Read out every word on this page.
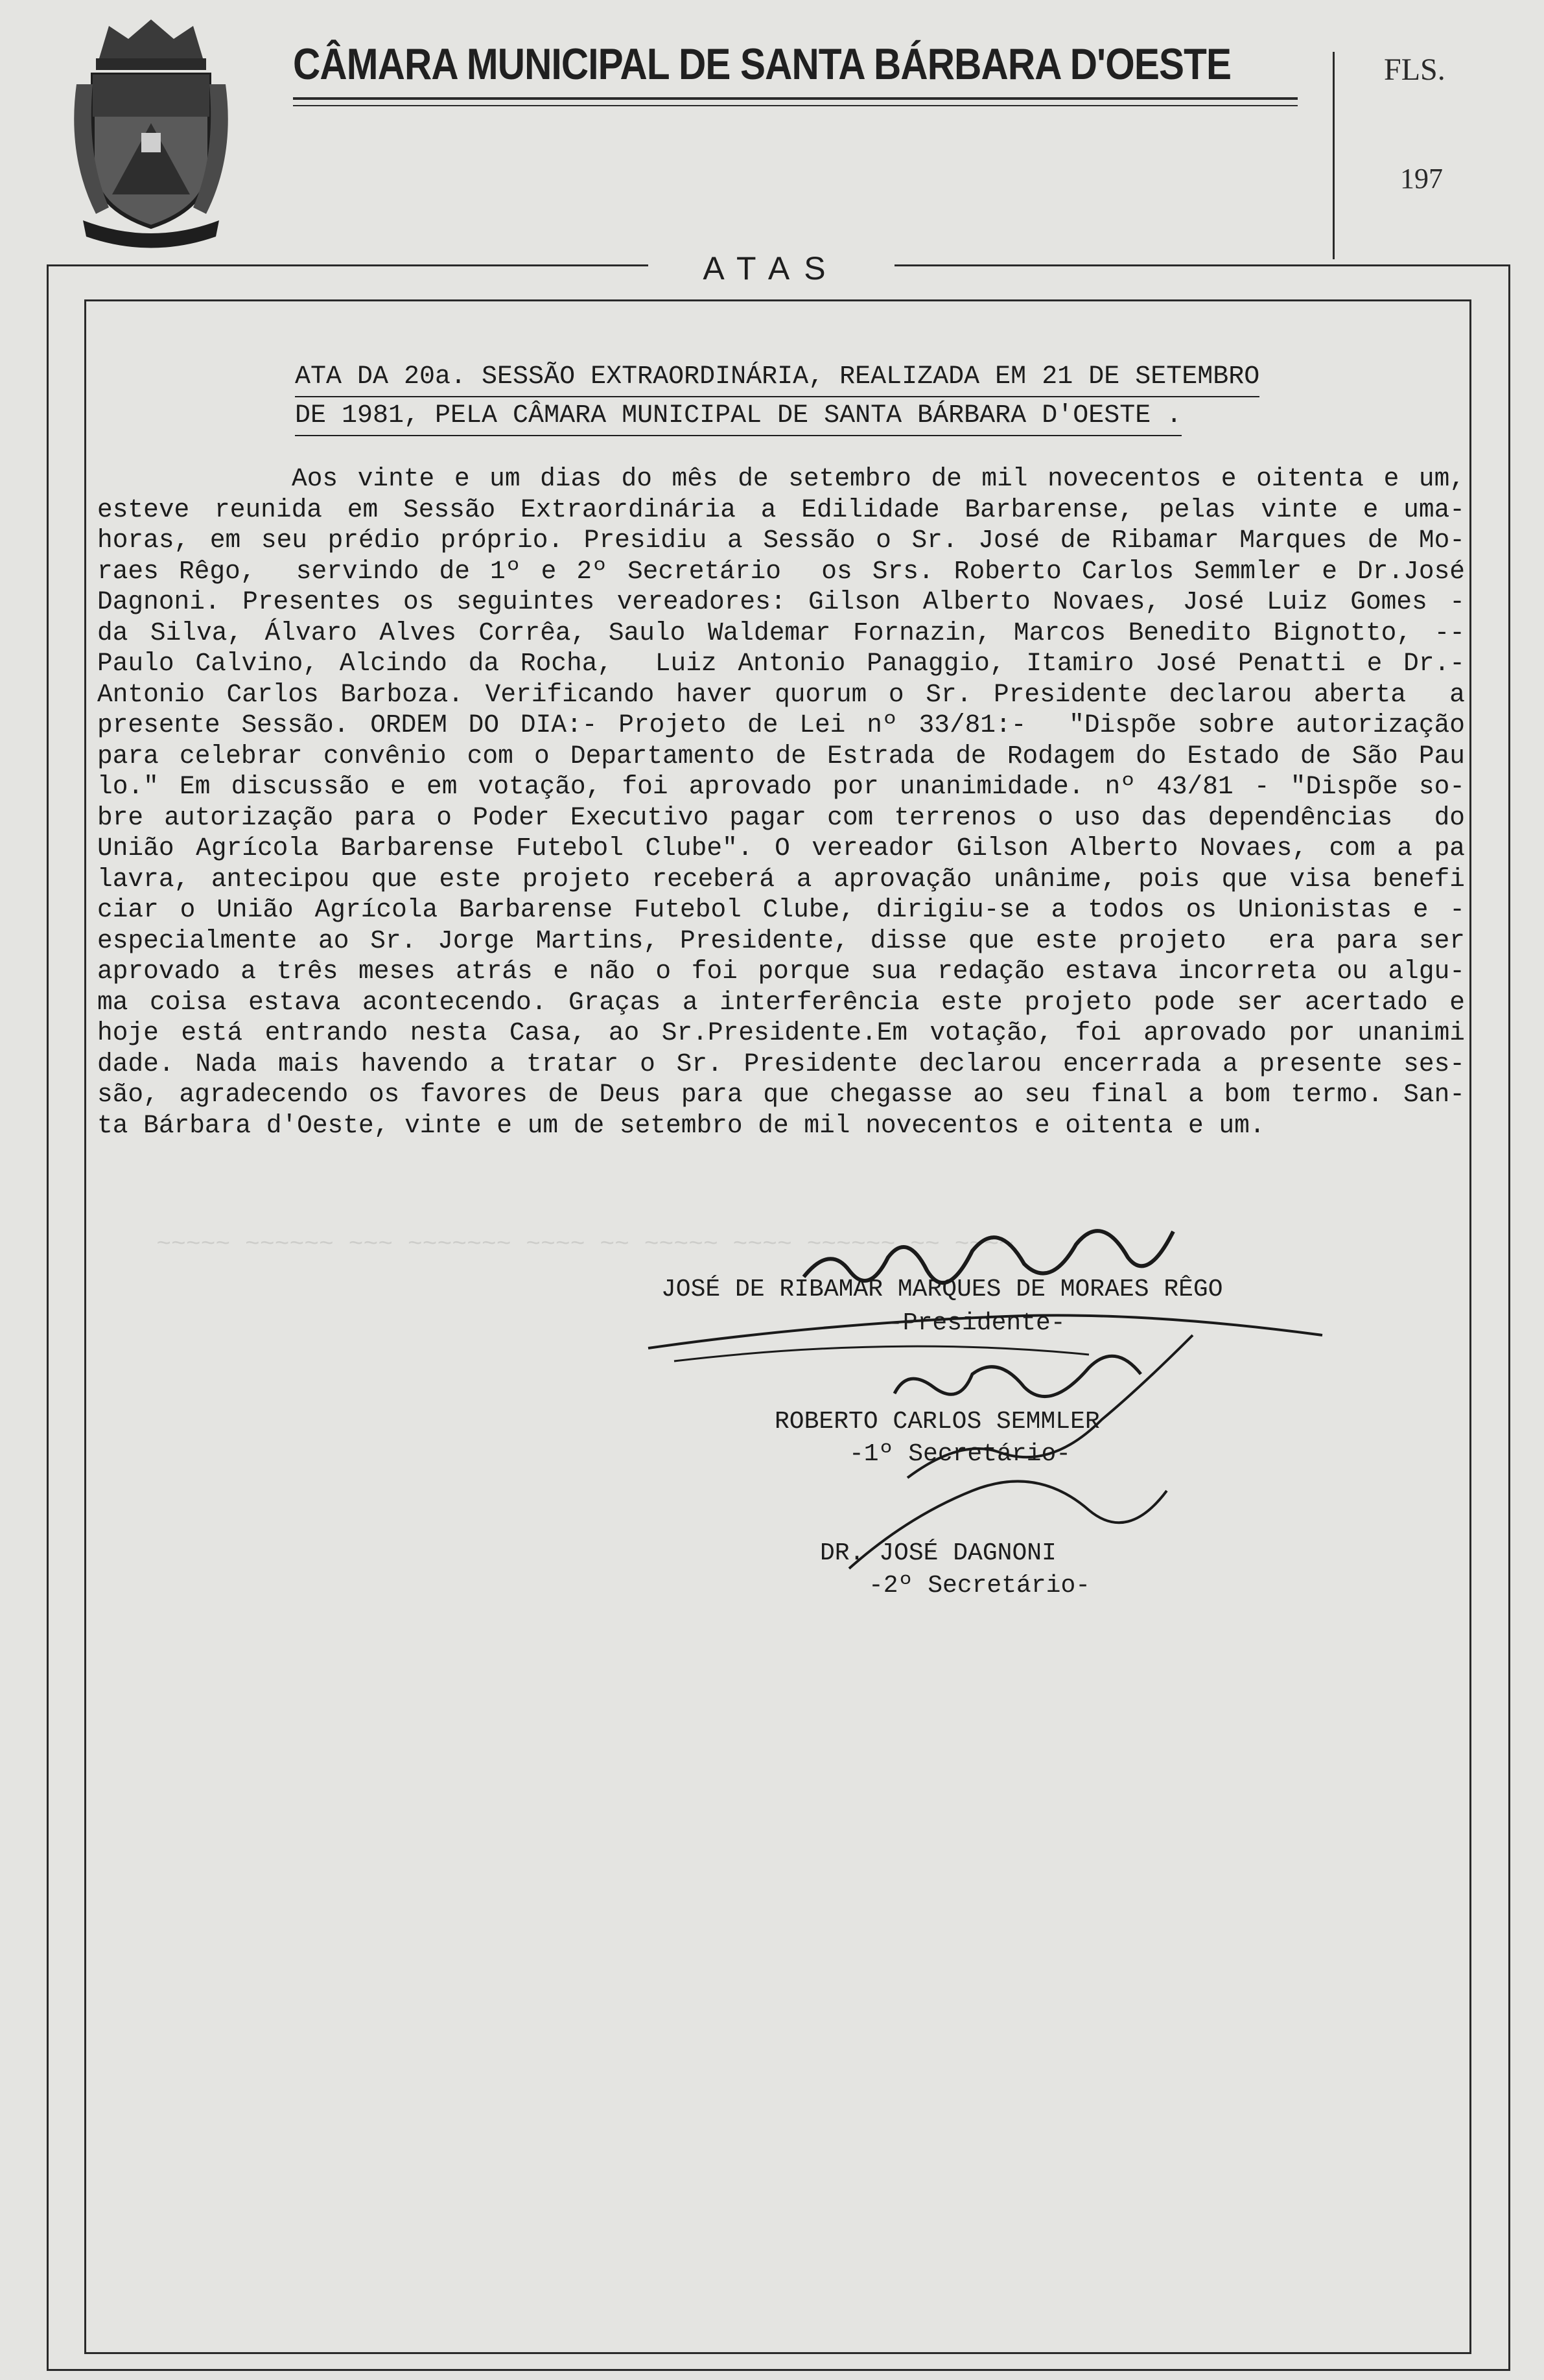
CÂMARA MUNICIPAL DE SANTA BÁRBARA D'OESTE	FLS.
197
ATAS

~~~~~ ~~~~~~ ~~~ ~~~~~~~ ~~~~ ~~ ~~~~~ ~~~~ ~~~~~~ ~~ ~~~~

ATA DA 20a. SESSÃO EXTRAORDINÁRIA, REALIZADA EM 21 DE SETEMBRO
DE 1981, PELA CÂMARA MUNICIPAL DE SANTA BÁRBARA D'OESTE .
Aos vinte e um dias do mês de setembro de mil novecentos e oitenta e um,
esteve reunida em Sessão Extraordinária a Edilidade Barbarense, pelas vinte e uma-
horas, em seu prédio próprio. Presidiu a Sessão o Sr. José de Ribamar Marques de Mo-
raes Rêgo,  servindo de 1º e 2º Secretário  os Srs. Roberto Carlos Semmler e Dr.José
Dagnoni. Presentes os seguintes vereadores: Gilson Alberto Novaes, José Luiz Gomes -
da Silva, Álvaro Alves Corrêa, Saulo Waldemar Fornazin, Marcos Benedito Bignotto, --
Paulo Calvino, Alcindo da Rocha,  Luiz Antonio Panaggio, Itamiro José Penatti e Dr.-
Antonio Carlos Barboza. Verificando haver quorum o Sr. Presidente declarou aberta  a
presente Sessão. ORDEM DO DIA:- Projeto de Lei nº 33/81:-  "Dispõe sobre autorização
para celebrar convênio com o Departamento de Estrada de Rodagem do Estado de São Pau
lo." Em discussão e em votação, foi aprovado por unanimidade. nº 43/81 - "Dispõe so-
bre autorização para o Poder Executivo pagar com terrenos o uso das dependências  do
União Agrícola Barbarense Futebol Clube". O vereador Gilson Alberto Novaes, com a pa
lavra, antecipou que este projeto receberá a aprovação unânime, pois que visa benefi
ciar o União Agrícola Barbarense Futebol Clube, dirigiu-se a todos os Unionistas e -
especialmente ao Sr. Jorge Martins, Presidente, disse que este projeto  era para ser
aprovado a três meses atrás e não o foi porque sua redação estava incorreta ou algu-
ma coisa estava acontecendo. Graças a interferência este projeto pode ser acertado e
hoje está entrando nesta Casa, ao Sr.Presidente.Em votação, foi aprovado por unanimi
dade. Nada mais havendo a tratar o Sr. Presidente declarou encerrada a presente ses-
são, agradecendo os favores de Deus para que chegasse ao seu final a bom termo. San-
ta Bárbara d'Oeste, vinte e um de setembro de mil novecentos e oitenta e um.
JOSÉ DE RIBAMAR MARQUES DE MORAES RÊGO
-Presidente-
ROBERTO CARLOS SEMMLER
-1º Secretário-
DR. JOSÉ DAGNONI
-2º Secretário-
